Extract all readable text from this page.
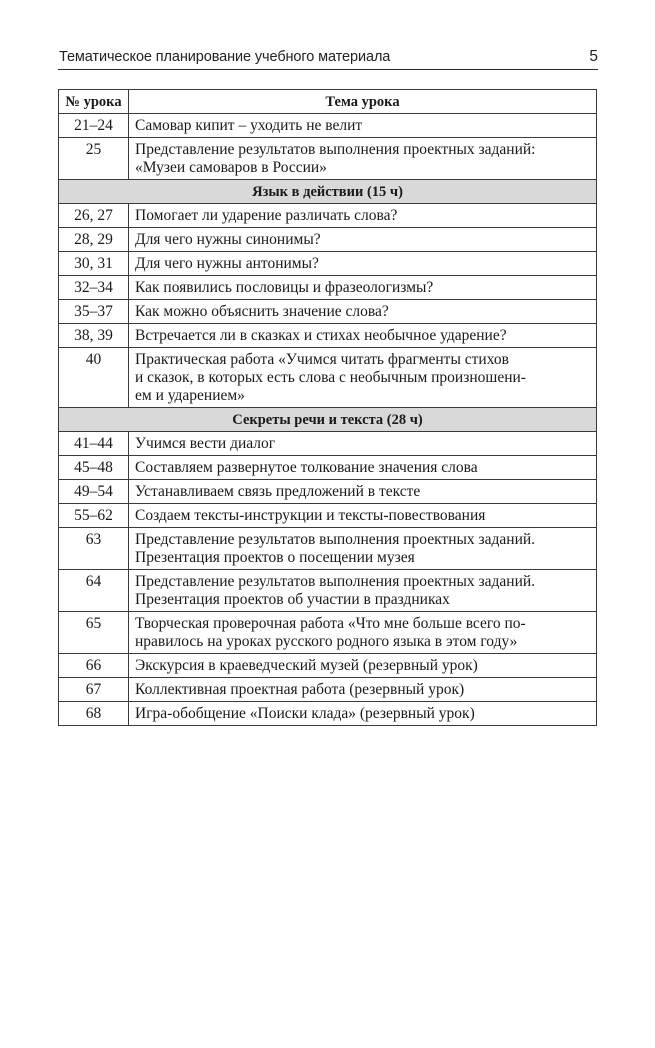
Тематическое планирование учебного материала	5
№ урока	Тема урока
21–24	Самовар кипит – уходить не велит
25	Представление результатов выполнения проектных заданий:
«Музеи самоваров в России»
Язык в действии (15 ч)	
26, 27	Помогает ли ударение различать слова?
28, 29	Для чего нужны синонимы?
30, 31	Для чего нужны антонимы?
32–34	Как появились пословицы и фразеологизмы?
35–37	Как можно объяснить значение слова?
38, 39	Встречается ли в сказках и стихах необычное ударение?
40	Практическая работа «Учимся читать фрагменты стихов
и сказок, в которых есть слова с необычным произношени-
ем и ударением»
Секреты речи и текста (28 ч)	
41–44	Учимся вести диалог
45–48	Составляем развернутое толкование значения слова
49–54	Устанавливаем связь предложений в тексте
55–62	Создаем тексты-инструкции и тексты-повествования
63	Представление результатов выполнения проектных заданий.
Презентация проектов о посещении музея
64	Представление результатов выполнения проектных заданий.
Презентация проектов об участии в праздниках
65	Творческая проверочная работа «Что мне больше всего по-
нравилось на уроках русского родного языка в этом году»
66	Экскурсия в краеведческий музей (резервный урок)
67	Коллективная проектная работа (резервный урок)
68	Игра-обобщение «Поиски клада» (резервный урок)
